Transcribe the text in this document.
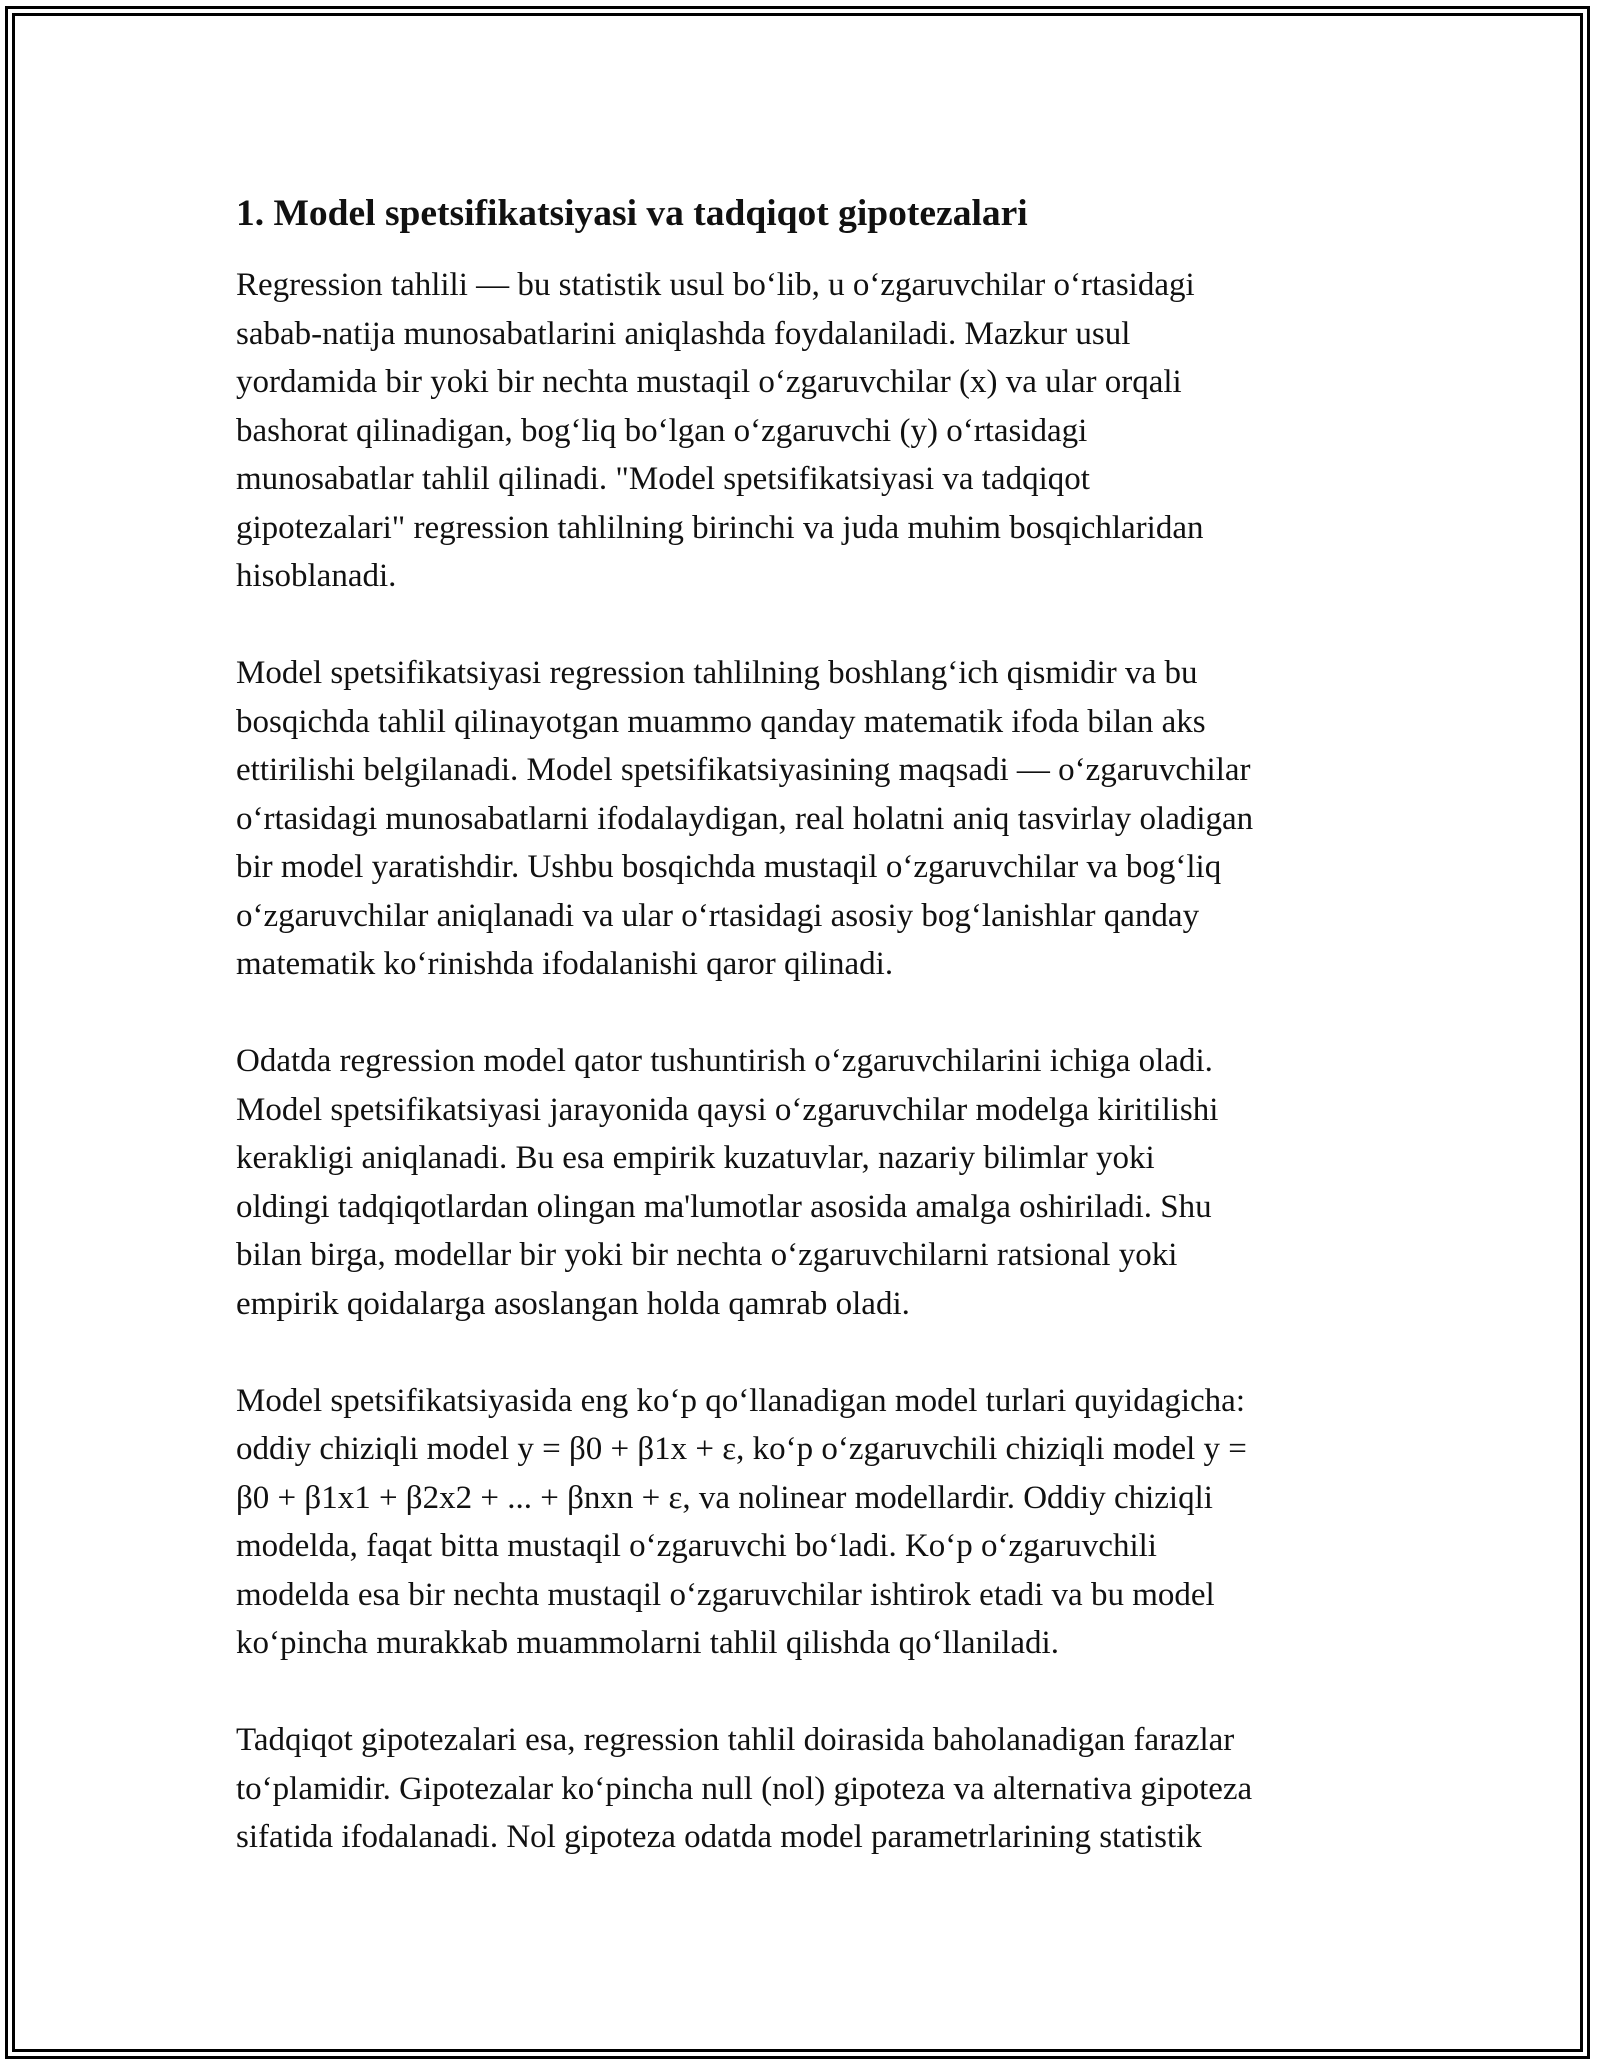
1. Model spetsifikatsiyasi va tadqiqot gipotezalari

Regression tahlili — bu statistik usul bo‘lib, u o‘zgaruvchilar o‘rtasidagi
sabab-natija munosabatlarini aniqlashda foydalaniladi. Mazkur usul
yordamida bir yoki bir nechta mustaqil o‘zgaruvchilar (x) va ular orqali
bashorat qilinadigan, bog‘liq bo‘lgan o‘zgaruvchi (y) o‘rtasidagi
munosabatlar tahlil qilinadi. "Model spetsifikatsiyasi va tadqiqot
gipotezalari" regression tahlilning birinchi va juda muhim bosqichlaridan
hisoblanadi.

Model spetsifikatsiyasi regression tahlilning boshlang‘ich qismidir va bu
bosqichda tahlil qilinayotgan muammo qanday matematik ifoda bilan aks
ettirilishi belgilanadi. Model spetsifikatsiyasining maqsadi — o‘zgaruvchilar
o‘rtasidagi munosabatlarni ifodalaydigan, real holatni aniq tasvirlay oladigan
bir model yaratishdir. Ushbu bosqichda mustaqil o‘zgaruvchilar va bog‘liq
o‘zgaruvchilar aniqlanadi va ular o‘rtasidagi asosiy bog‘lanishlar qanday
matematik ko‘rinishda ifodalanishi qaror qilinadi.

Odatda regression model qator tushuntirish o‘zgaruvchilarini ichiga oladi.
Model spetsifikatsiyasi jarayonida qaysi o‘zgaruvchilar modelga kiritilishi
kerakligi aniqlanadi. Bu esa empirik kuzatuvlar, nazariy bilimlar yoki
oldingi tadqiqotlardan olingan ma'lumotlar asosida amalga oshiriladi. Shu
bilan birga, modellar bir yoki bir nechta o‘zgaruvchilarni ratsional yoki
empirik qoidalarga asoslangan holda qamrab oladi.

Model spetsifikatsiyasida eng ko‘p qo‘llanadigan model turlari quyidagicha:
oddiy chiziqli model y = β0 + β1x + ε, ko‘p o‘zgaruvchili chiziqli model y =
β0 + β1x1 + β2x2 + ... + βnxn + ε, va nolinear modellardir. Oddiy chiziqli
modelda, faqat bitta mustaqil o‘zgaruvchi bo‘ladi. Ko‘p o‘zgaruvchili
modelda esa bir nechta mustaqil o‘zgaruvchilar ishtirok etadi va bu model
ko‘pincha murakkab muammolarni tahlil qilishda qo‘llaniladi.

Tadqiqot gipotezalari esa, regression tahlil doirasida baholanadigan farazlar
to‘plamidir. Gipotezalar ko‘pincha null (nol) gipoteza va alternativa gipoteza
sifatida ifodalanadi. Nol gipoteza odatda model parametrlarining statistik
